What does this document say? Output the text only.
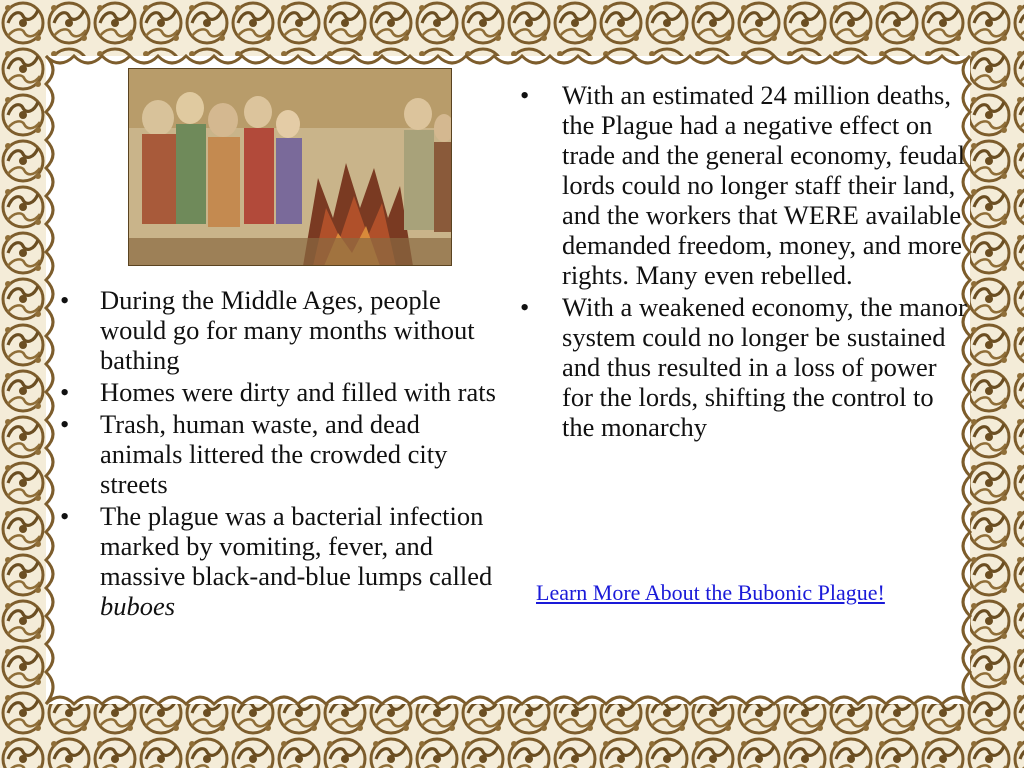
• During the Middle Ages, people would go for many months without bathing
• Homes were dirty and filled with rats
• Trash, human waste, and dead animals littered the crowded city streets
• The plague was a bacterial infection marked by vomiting, fever, and massive black-and-blue lumps called buboes
• With an estimated 24 million deaths, the Plague had a negative effect on trade and the general economy, feudal lords could no longer staff their land, and the workers that WERE available demanded freedom, money, and more rights. Many even rebelled.
• With a weakened economy, the manor system could no longer be sustained and thus resulted in a loss of power for the lords, shifting the control to the monarchy
Learn More About the Bubonic Plague!
